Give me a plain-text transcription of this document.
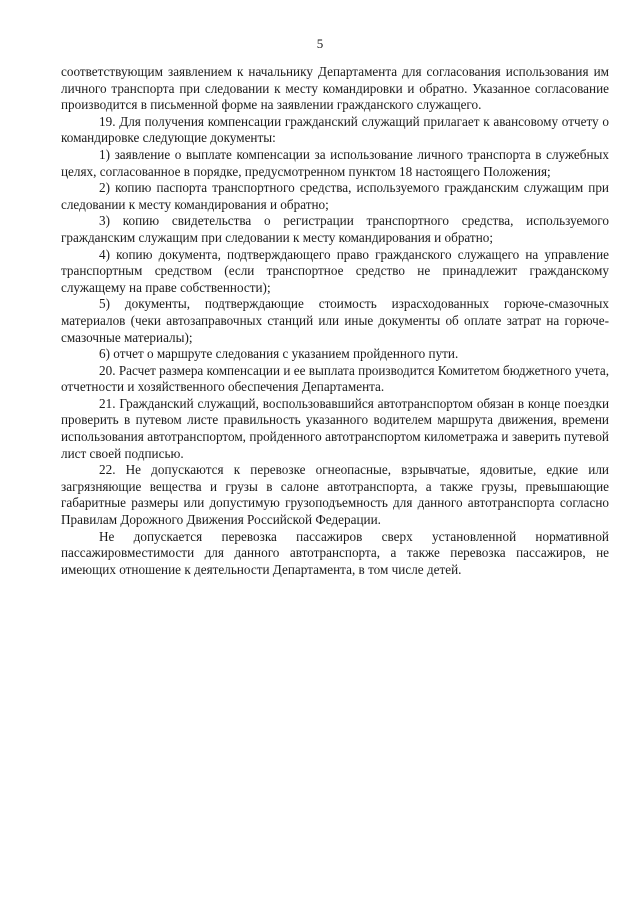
5

соответствующим заявлением к начальнику Департамента для согласования использования им личного транспорта при следовании к месту командировки и обратно. Указанное согласование производится в письменной форме на заявлении гражданского служащего.

19. Для получения компенсации гражданский служащий прилагает к авансовому отчету о командировке следующие документы:

1) заявление о выплате компенсации за использование личного транспорта в служебных целях, согласованное в порядке, предусмотренном пунктом 18 настоящего Положения;

2) копию паспорта транспортного средства, используемого гражданским служащим при следовании к месту командирования и обратно;

3) копию свидетельства о регистрации транспортного средства, используемого гражданским служащим при следовании к месту командирования и обратно;

4) копию документа, подтверждающего право гражданского служащего на управление транспортным средством (если транспортное средство не принадлежит гражданскому служащему на праве собственности);

5) документы, подтверждающие стоимость израсходованных горюче-смазочных материалов (чеки автозаправочных станций или иные документы об оплате затрат на горюче-смазочные материалы);

6) отчет о маршруте следования с указанием пройденного пути.

20. Расчет размера компенсации и ее выплата производится Комитетом бюджетного учета, отчетности и хозяйственного обеспечения Департамента.

21. Гражданский служащий, воспользовавшийся автотранспортом обязан в конце поездки проверить в путевом листе правильность указанного водителем маршрута движения, времени использования автотранспортом, пройденного автотранспортом километража и заверить путевой лист своей подписью.

22. Не допускаются к перевозке огнеопасные, взрывчатые, ядовитые, едкие или загрязняющие вещества и грузы в салоне автотранспорта, а также грузы, превышающие габаритные размеры или допустимую грузоподъемность для данного автотранспорта согласно Правилам Дорожного Движения Российской Федерации.

Не допускается перевозка пассажиров сверх установленной нормативной пассажировместимости для данного автотранспорта, а также перевозка пассажиров, не имеющих отношение к деятельности Департамента, в том числе детей.
